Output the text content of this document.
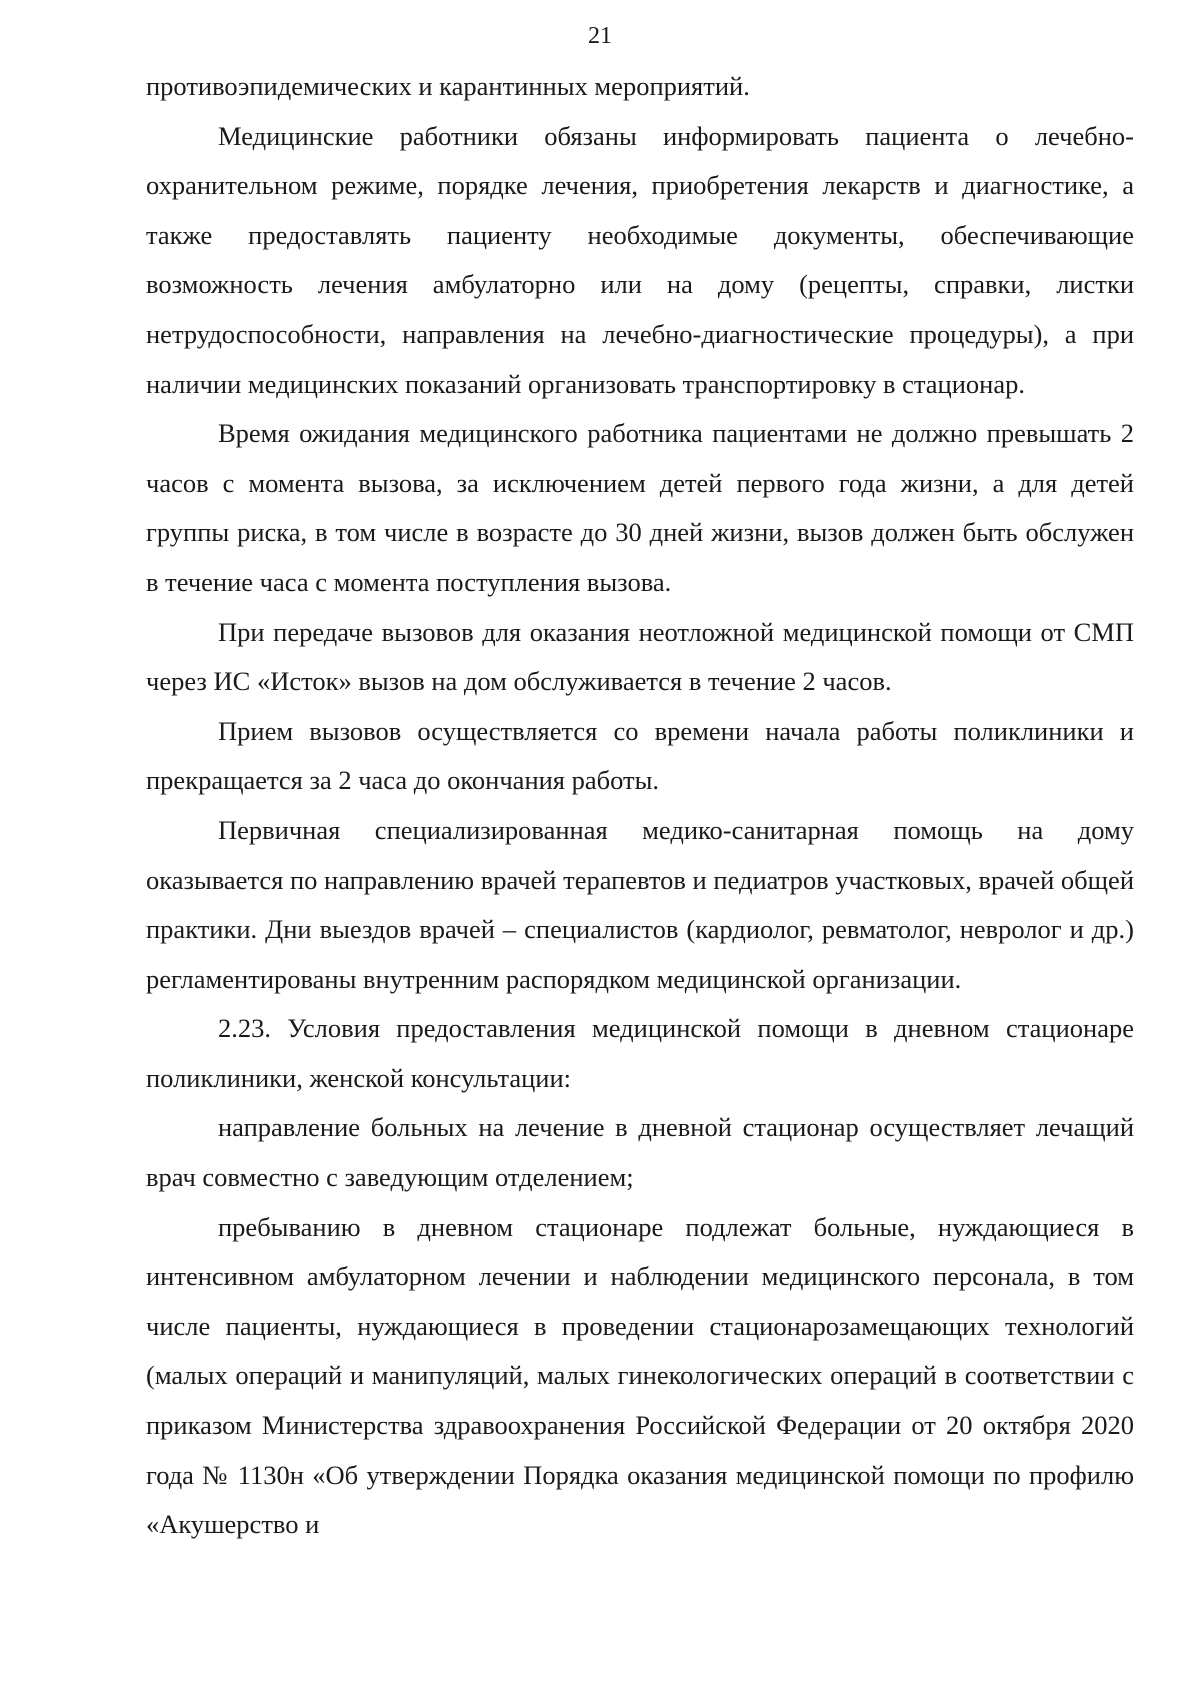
21

противоэпидемических и карантинных мероприятий.

Медицинские работники обязаны информировать пациента о лечебно-охранительном режиме, порядке лечения, приобретения лекарств и диагностике, а также предоставлять пациенту необходимые документы, обеспечивающие возможность лечения амбулаторно или на дому (рецепты, справки, листки нетрудоспособности, направления на лечебно-диагностические процедуры), а при наличии медицинских показаний организовать транспортировку в стационар.

Время ожидания медицинского работника пациентами не должно превышать 2 часов с момента вызова, за исключением детей первого года жизни, а для детей группы риска, в том числе в возрасте до 30 дней жизни, вызов должен быть обслужен в течение часа с момента поступления вызова.

При передаче вызовов для оказания неотложной медицинской помощи от СМП через ИС «Исток» вызов на дом обслуживается в течение 2 часов.

Прием вызовов осуществляется со времени начала работы поликлиники и прекращается за 2 часа до окончания работы.

Первичная специализированная медико-санитарная помощь на дому оказывается по направлению врачей терапевтов и педиатров участковых, врачей общей практики. Дни выездов врачей – специалистов (кардиолог, ревматолог, невролог и др.) регламентированы внутренним распорядком медицинской организации.

2.23. Условия предоставления медицинской помощи в дневном стационаре поликлиники, женской консультации:

направление больных на лечение в дневной стационар осуществляет лечащий врач совместно с заведующим отделением;

пребыванию в дневном стационаре подлежат больные, нуждающиеся в интенсивном амбулаторном лечении и наблюдении медицинского персонала, в том числе пациенты, нуждающиеся в проведении стационарозамещающих технологий (малых операций и манипуляций, малых гинекологических операций в соответствии с приказом Министерства здравоохранения Российской Федерации от 20 октября 2020 года № 1130н «Об утверждении Порядка оказания медицинской помощи по профилю «Акушерство и
